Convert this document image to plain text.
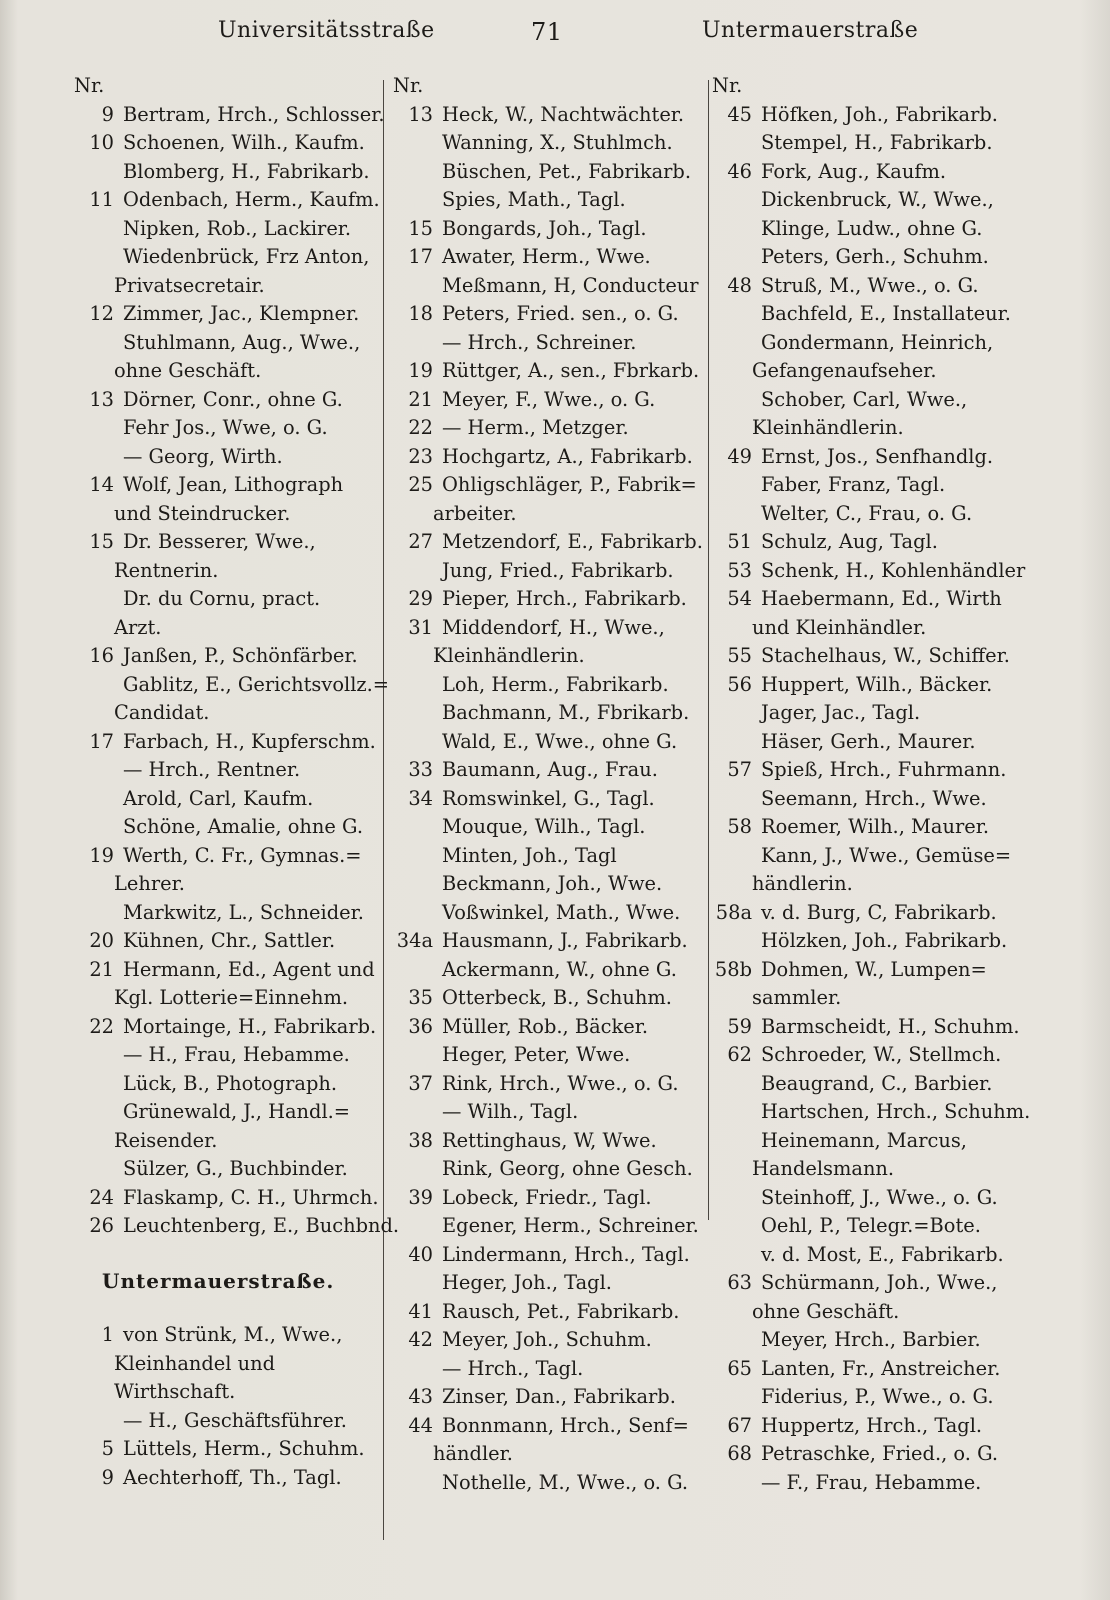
Universitätsstraße	71	Untermauerstraße
Nr.
9 Bertram, Hrch., Schlosser.
10 Schoenen, Wilh., Kaufm.
Blomberg, H., Fabrikarb.
11 Odenbach, Herm., Kaufm.
Nipken, Rob., Lackirer.
Wiedenbrück, Frz Anton,
Privatsecretair.
12 Zimmer, Jac., Klempner.
Stuhlmann, Aug., Wwe.,
ohne Geschäft.
13 Dörner, Conr., ohne G.
Fehr Jos., Wwe, o. G.
— Georg, Wirth.
14 Wolf, Jean, Lithograph
und Steindrucker.
15 Dr. Besserer, Wwe.,
Rentnerin.
Dr. du Cornu, pract.
Arzt.
16 Janßen, P., Schönfärber.
Gablitz, E., Gerichtsvollz.=
Candidat.
17 Farbach, H., Kupferschm.
— Hrch., Rentner.
Arold, Carl, Kaufm.
Schöne, Amalie, ohne G.
19 Werth, C. Fr., Gymnas.=
Lehrer.
Markwitz, L., Schneider.
20 Kühnen, Chr., Sattler.
21 Hermann, Ed., Agent und
Kgl. Lotterie=Einnehm.
22 Mortainge, H., Fabrikarb.
— H., Frau, Hebamme.
Lück, B., Photograph.
Grünewald, J., Handl.=
Reisender.
Sülzer, G., Buchbinder.
24 Flaskamp, C. H., Uhrmch.
26 Leuchtenberg, E., Buchbnd.
Untermauerstraße.
1 von Strünk, M., Wwe.,
Kleinhandel und
Wirthschaft.
— H., Geschäftsführer.
5 Lüttels, Herm., Schuhm.
9 Aechterhoff, Th., Tagl.
Nr.
13 Heck, W., Nachtwächter.
Wanning, X., Stuhlmch.
Büschen, Pet., Fabrikarb.
Spies, Math., Tagl.
15 Bongards, Joh., Tagl.
17 Awater, Herm., Wwe.
Meßmann, H, Conducteur
18 Peters, Fried. sen., o. G.
— Hrch., Schreiner.
19 Rüttger, A., sen., Fbrkarb.
21 Meyer, F., Wwe., o. G.
22 — Herm., Metzger.
23 Hochgartz, A., Fabrikarb.
25 Ohligschläger, P., Fabrik=
arbeiter.
27 Metzendorf, E., Fabrikarb.
Jung, Fried., Fabrikarb.
29 Pieper, Hrch., Fabrikarb.
31 Middendorf, H., Wwe.,
Kleinhändlerin.
Loh, Herm., Fabrikarb.
Bachmann, M., Fbrikarb.
Wald, E., Wwe., ohne G.
33 Baumann, Aug., Frau.
34 Romswinkel, G., Tagl.
Mouque, Wilh., Tagl.
Minten, Joh., Tagl
Beckmann, Joh., Wwe.
Voßwinkel, Math., Wwe.
34a Hausmann, J., Fabrikarb.
Ackermann, W., ohne G.
35 Otterbeck, B., Schuhm.
36 Müller, Rob., Bäcker.
Heger, Peter, Wwe.
37 Rink, Hrch., Wwe., o. G.
— Wilh., Tagl.
38 Rettinghaus, W, Wwe.
Rink, Georg, ohne Gesch.
39 Lobeck, Friedr., Tagl.
Egener, Herm., Schreiner.
40 Lindermann, Hrch., Tagl.
Heger, Joh., Tagl.
41 Rausch, Pet., Fabrikarb.
42 Meyer, Joh., Schuhm.
— Hrch., Tagl.
43 Zinser, Dan., Fabrikarb.
44 Bonnmann, Hrch., Senf=
händler.
Nothelle, M., Wwe., o. G.
Nr.
45 Höfken, Joh., Fabrikarb.
Stempel, H., Fabrikarb.
46 Fork, Aug., Kaufm.
Dickenbruck, W., Wwe.,
Klinge, Ludw., ohne G.
Peters, Gerh., Schuhm.
48 Struß, M., Wwe., o. G.
Bachfeld, E., Installateur.
Gondermann, Heinrich,
Gefangenaufseher.
Schober, Carl, Wwe.,
Kleinhändlerin.
49 Ernst, Jos., Senfhandlg.
Faber, Franz, Tagl.
Welter, C., Frau, o. G.
51 Schulz, Aug, Tagl.
53 Schenk, H., Kohlenhändler
54 Haebermann, Ed., Wirth
und Kleinhändler.
55 Stachelhaus, W., Schiffer.
56 Huppert, Wilh., Bäcker.
Jager, Jac., Tagl.
Häser, Gerh., Maurer.
57 Spieß, Hrch., Fuhrmann.
Seemann, Hrch., Wwe.
58 Roemer, Wilh., Maurer.
Kann, J., Wwe., Gemüse=
händlerin.
58a v. d. Burg, C, Fabrikarb.
Hölzken, Joh., Fabrikarb.
58b Dohmen, W., Lumpen=
sammler.
59 Barmscheidt, H., Schuhm.
62 Schroeder, W., Stellmch.
Beaugrand, C., Barbier.
Hartschen, Hrch., Schuhm.
Heinemann, Marcus,
Handelsmann.
Steinhoff, J., Wwe., o. G.
Oehl, P., Telegr.=Bote.
v. d. Most, E., Fabrikarb.
63 Schürmann, Joh., Wwe.,
ohne Geschäft.
Meyer, Hrch., Barbier.
65 Lanten, Fr., Anstreicher.
Fiderius, P., Wwe., o. G.
67 Huppertz, Hrch., Tagl.
68 Petraschke, Fried., o. G.
— F., Frau, Hebamme.
